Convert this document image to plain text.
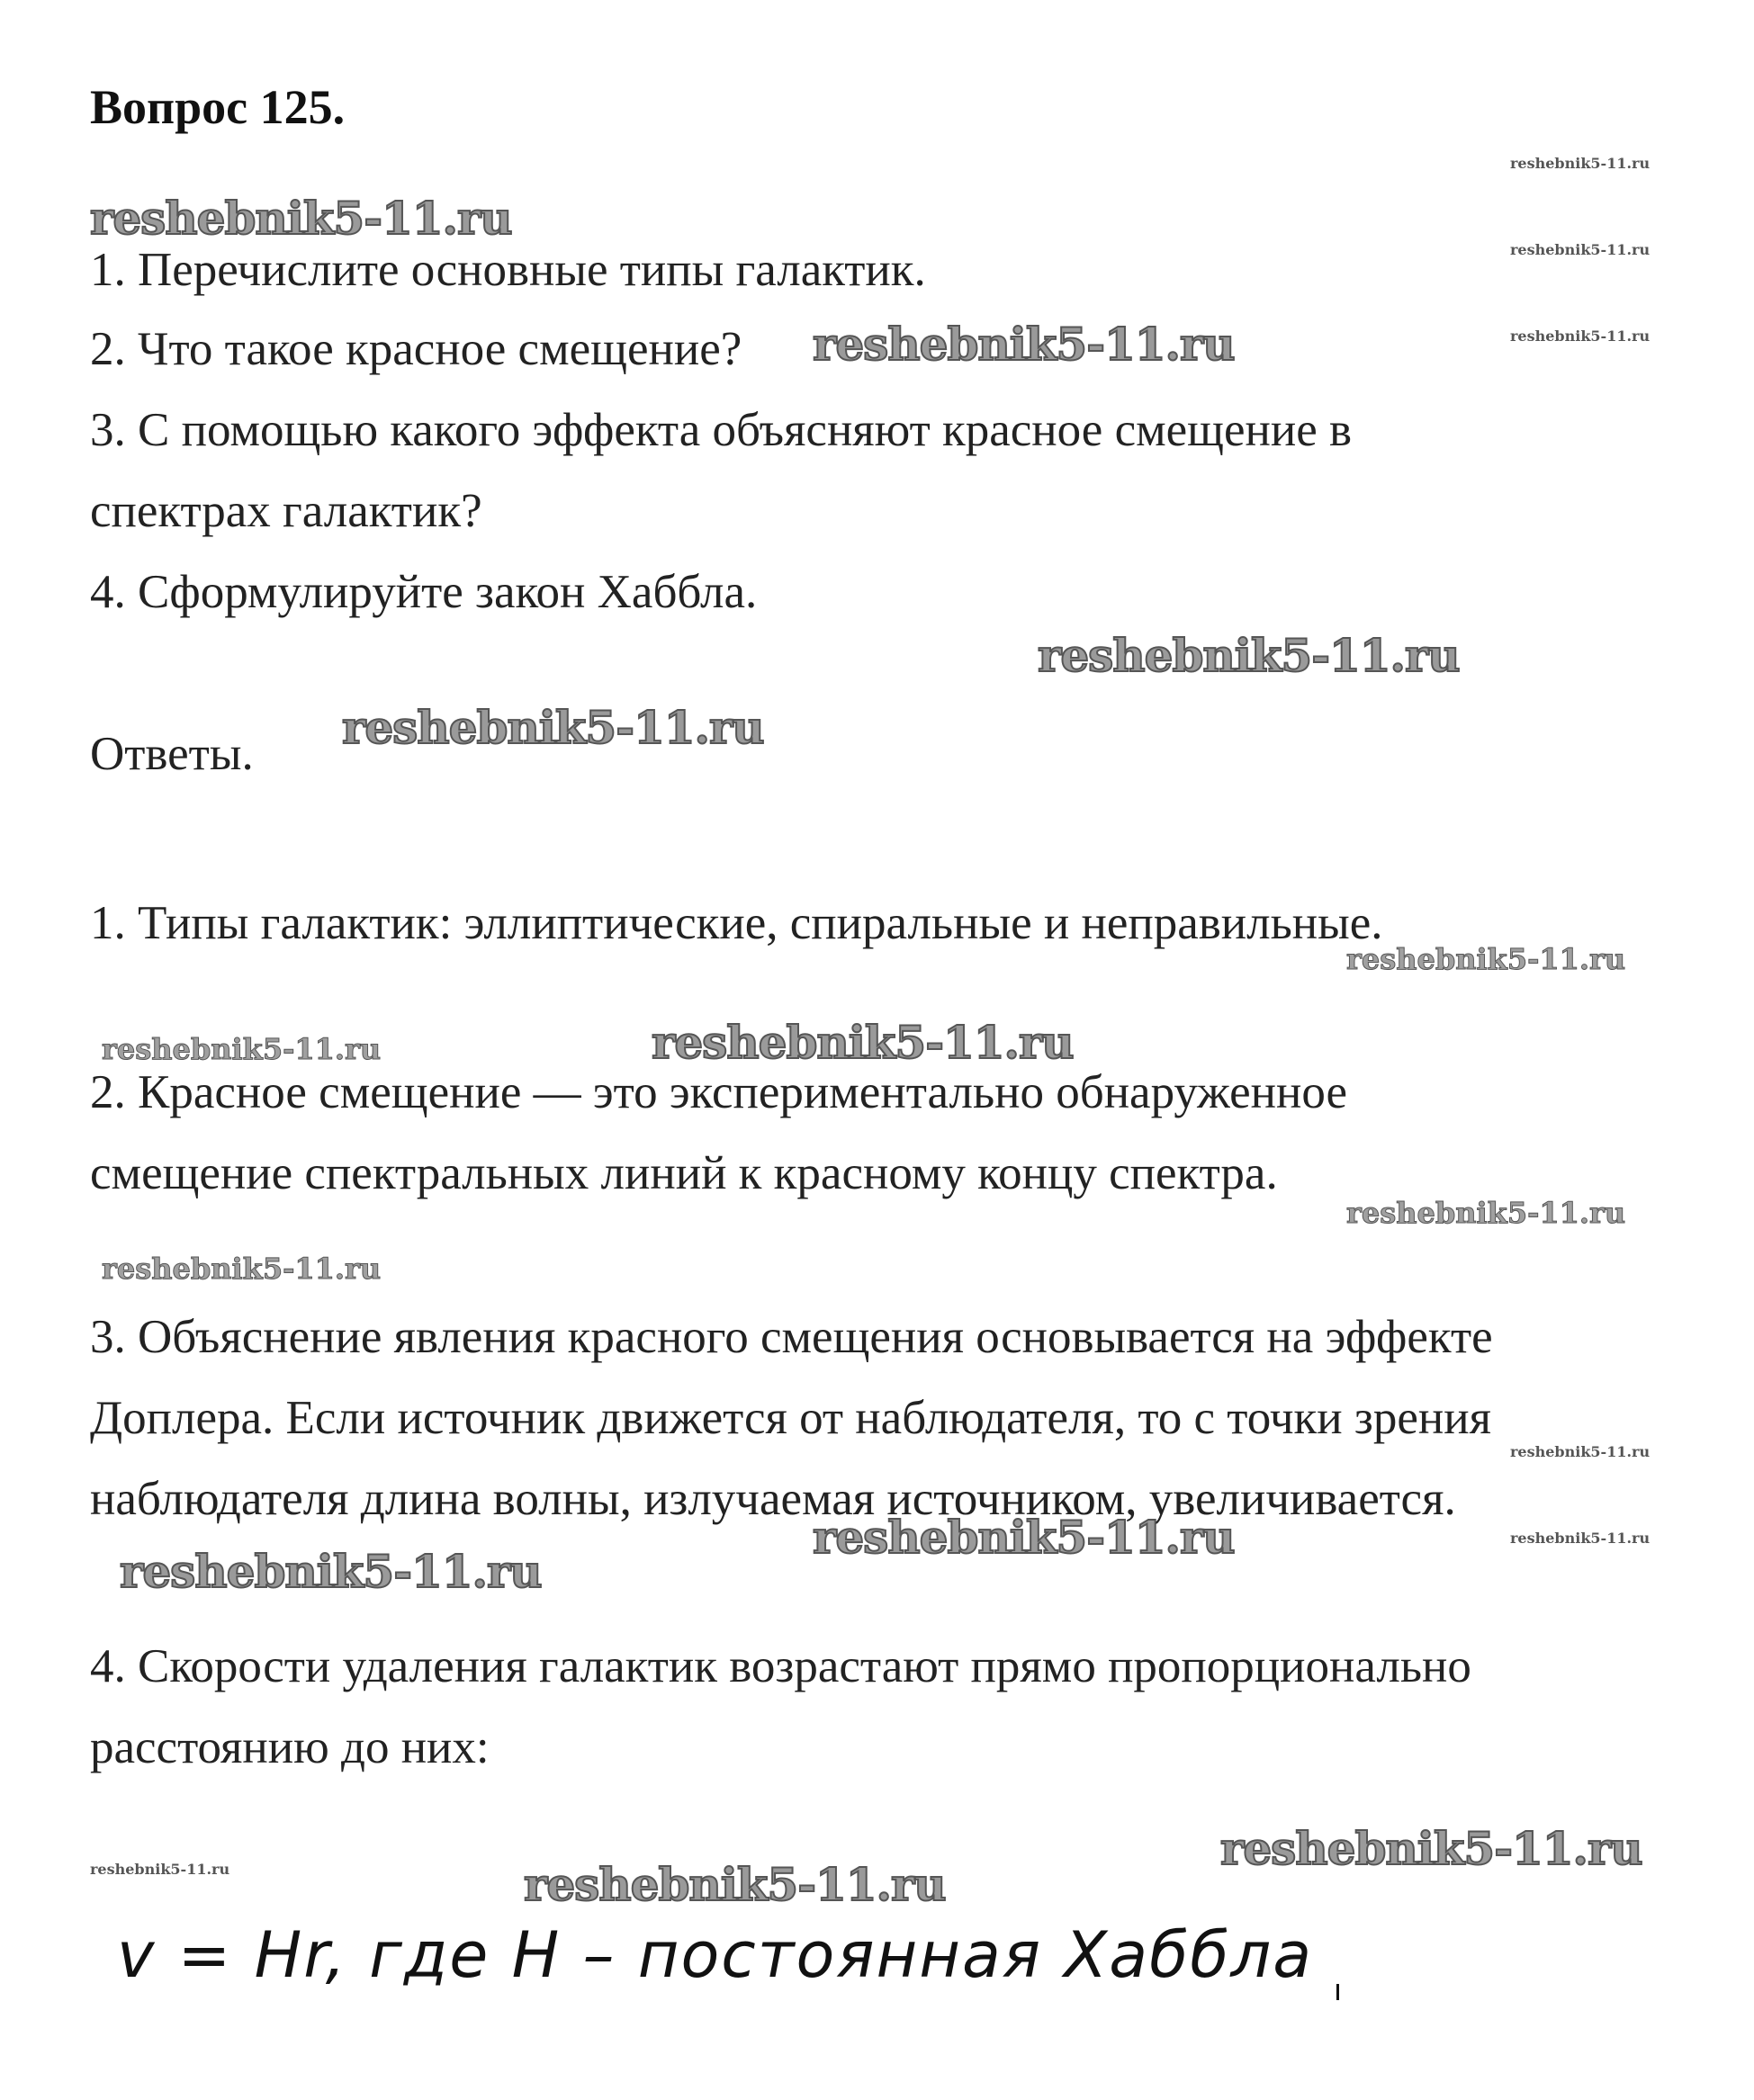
Вопрос 125.

1. Перечислите основные типы галактик.

2. Что такое красное смещение?

3. С помощью какого эффекта объясняют красное смещение в

спектрах галактик?

4. Сформулируйте закон Хаббла.

Ответы.

1. Типы галактик: эллиптические, спиральные и неправильные.

2. Красное смещение — это экспериментально обнаруженное

смещение спектральных линий к красному концу спектра.

3. Объяснение явления красного смещения основывается на эффекте

Доплера. Если источник движется от наблюдателя, то с точки зрения

наблюдателя длина волны, излучаемая источником, увеличивается.

4. Скорости удаления галактик возрастают прямо пропорционально

расстоянию до них:

v = Hr, где H – постоянная Хаббла
reshebnik5-11.ru
reshebnik5-11.ru
reshebnik5-11.ru
reshebnik5-11.ru
reshebnik5-11.ru
reshebnik5-11.ru
reshebnik5-11.ru
reshebnik5-11.ru
reshebnik5-11.ru
reshebnik5-11.ru
reshebnik5-11.ru
reshebnik5-11.ru
reshebnik5-11.ru
reshebnik5-11.ru
reshebnik5-11.ru
reshebnik5-11.ru
reshebnik5-11.ru
reshebnik5-11.ru
reshebnik5-11.ru
